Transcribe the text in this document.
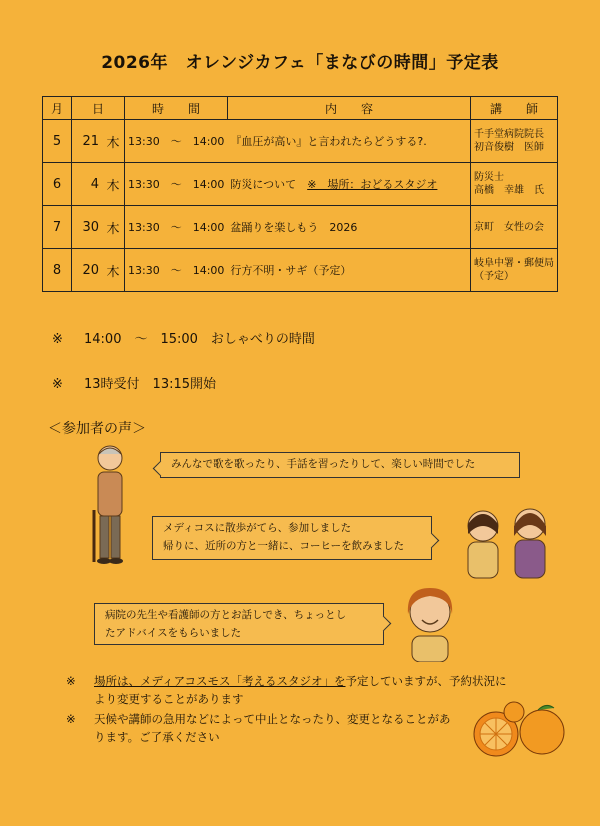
2026年　オレンジカフェ「まなびの時間」予定表
月	日		時　　間	内　　容	講　　師
5	21	木	13:30　～　14:00	『血圧が高い』と言われたらどうする?.	千手堂病院院長
初音俊樹　医師

6	4	木	13:30　～　14:00	防災について　※　場所：おどるスタジオ	防災士
高橋　幸雄　氏

7	30	木	13:30　～　14:00	盆踊りを楽しもう　2026	京町　女性の会

8	20	木	13:30　～　14:00	行方不明・サギ（予定）	岐阜中署・郵便局
（予定）
※ 14:00　～　15:00　おしゃべりの時間
※ 13時受付　13:15開始
＜参加者の声＞
みんなで歌を歌ったり、手話を習ったりして、楽しい時間でした
メディコスに散歩がてら、参加しました
帰りに、近所の方と一緒に、コーヒーを飲みました
病院の先生や看護師の方とお話しでき、ちょっとし
たアドバイスをもらいました
※ 場所は、メディアコスモス「考えるスタジオ」を予定していますが、予約状況により変更することがあります
※ 天候や講師の急用などによって中止となったり、変更となることがあります。ご了承ください
